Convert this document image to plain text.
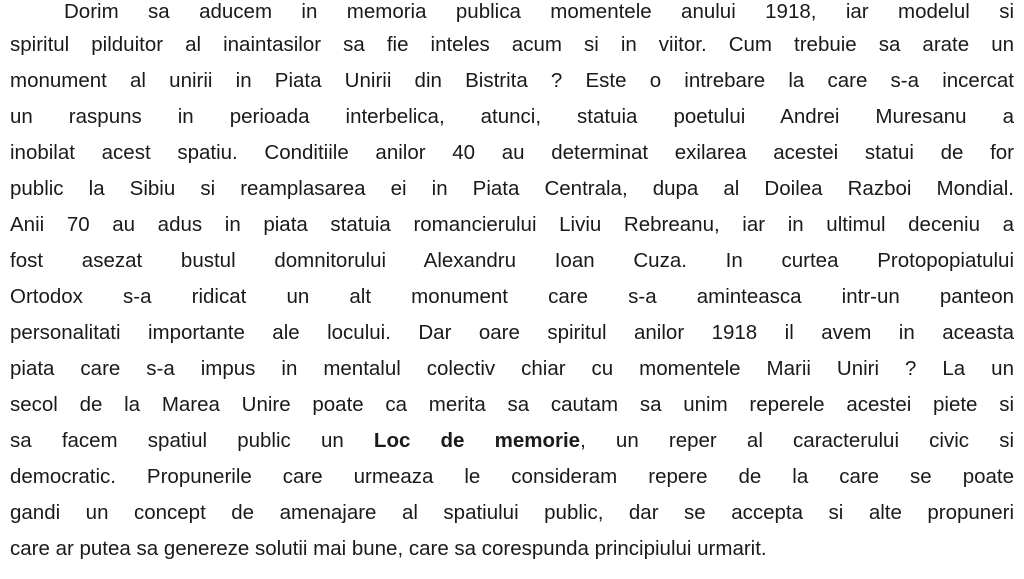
Dorim sa aducem in memoria publica momentele anului 1918, iar modelul si
spiritul pilduitor al inaintasilor sa fie inteles acum si in viitor. Cum trebuie sa arate un
monument al unirii in Piata Unirii din Bistrita ? Este o intrebare la care s-a incercat
un raspuns in perioada interbelica, atunci, statuia poetului Andrei Muresanu a
inobilat acest spatiu. Conditiile anilor 40 au determinat exilarea acestei statui de for
public la Sibiu si reamplasarea ei in Piata Centrala, dupa al Doilea Razboi Mondial.
Anii 70 au adus in piata statuia romancierului Liviu Rebreanu, iar in ultimul deceniu a
fost asezat bustul domnitorului Alexandru Ioan Cuza. In curtea Protopopiatului
Ortodox s-a ridicat un alt monument care s-a aminteasca intr-un panteon
personalitati importante ale locului. Dar oare spiritul anilor 1918 il avem in aceasta
piata care s-a impus in mentalul colectiv chiar cu momentele Marii Uniri ? La un
secol de la Marea Unire poate ca merita sa cautam sa unim reperele acestei piete si
sa facem spatiul public un Loc de memorie, un reper al caracterului civic si
democratic. Propunerile care urmeaza le consideram repere de la care se poate
gandi un concept de amenajare al spatiului public, dar se accepta si alte propuneri
care ar putea sa genereze solutii mai bune, care sa corespunda principiului urmarit.
